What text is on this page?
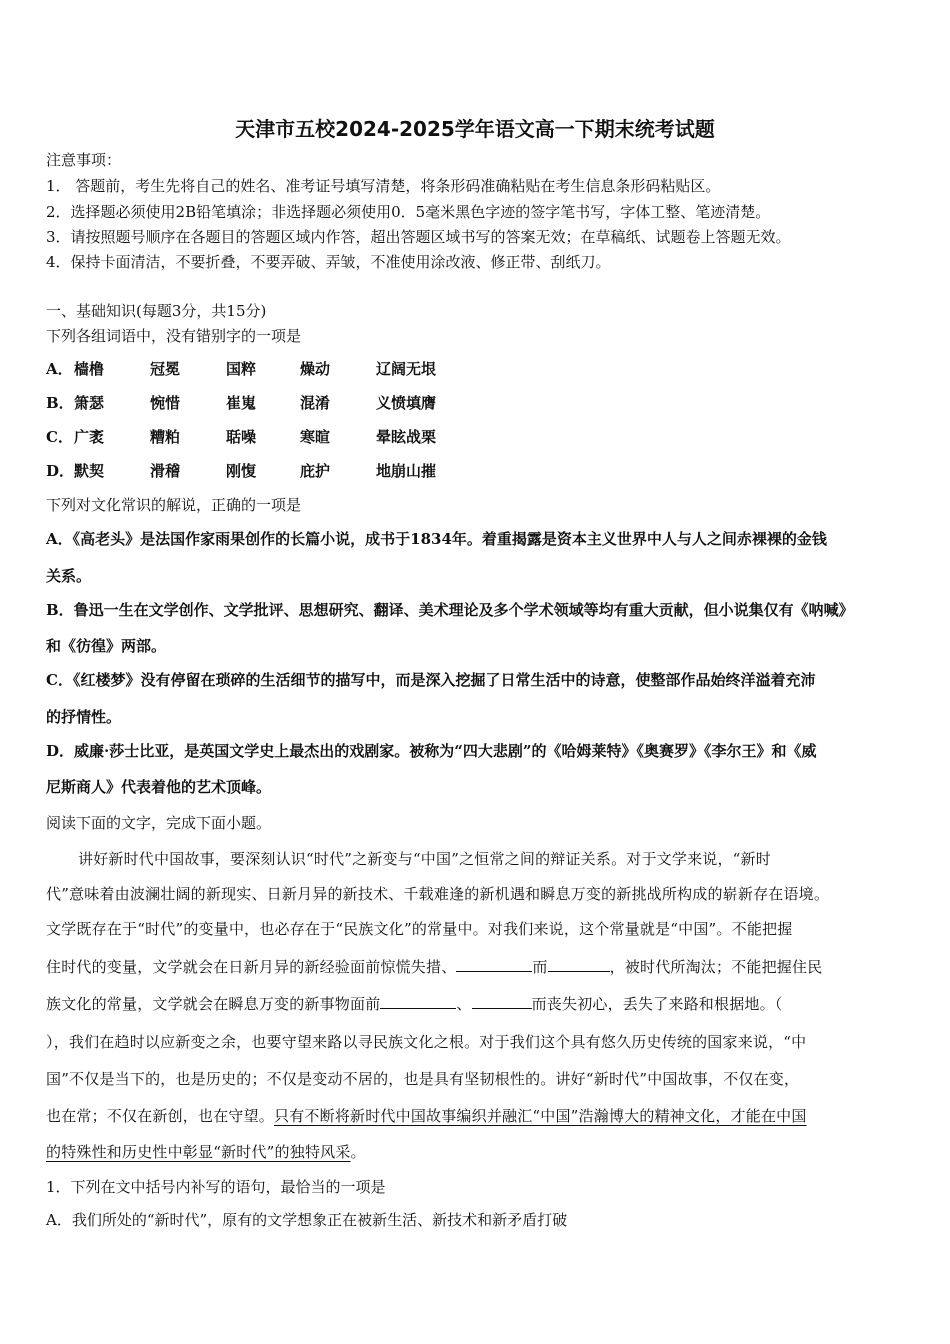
天津市五校2024-2025学年语文高一下期末统考试题
注意事项：
1． 答题前，考生先将自己的姓名、准考证号填写清楚，将条形码准确粘贴在考生信息条形码粘贴区。
2．选择题必须使用2B铅笔填涂；非选择题必须使用0．5毫米黑色字迹的签字笔书写，字体工整、笔迹清楚。
3．请按照题号顺序在各题目的答题区域内作答，超出答题区域书写的答案无效；在草稿纸、试题卷上答题无效。
4．保持卡面清洁，不要折叠，不要弄破、弄皱，不准使用涂改液、修正带、刮纸刀。
一、基础知识(每题3分，共15分)
下列各组词语中，没有错别字的一项是
A． 樯橹	冠冕	国粹	燥动	辽阔无垠
B． 箫瑟	惋惜	崔嵬	混淆	义愤填膺
C． 广袤	糟粕	聒噪	寒暄	晕眩战栗
D． 默契	滑稽	刚愎	庇护	地崩山摧
下列对文化常识的解说，正确的一项是
A．《高老头》是法国作家雨果创作的长篇小说，成书于1834年。着重揭露是资本主义世界中人与人之间赤裸裸的金钱
关系。
B．鲁迅一生在文学创作、文学批评、思想研究、翻译、美术理论及多个学术领域等均有重大贡献，但小说集仅有《呐喊》
和《彷徨》两部。
C．《红楼梦》没有停留在琐碎的生活细节的描写中，而是深入挖掘了日常生活中的诗意，使整部作品始终洋溢着充沛
的抒情性。
D．威廉·莎士比亚，是英国文学史上最杰出的戏剧家。被称为“四大悲剧”的《哈姆莱特》《奥赛罗》《李尔王》和《威
尼斯商人》代表着他的艺术顶峰。
阅读下面的文字，完成下面小题。
讲好新时代中国故事，要深刻认识“时代”之新变与“中国”之恒常之间的辩证关系。对于文学来说，“新时
代”意味着由波澜壮阔的新现实、日新月异的新技术、千载难逢的新机遇和瞬息万变的新挑战所构成的崭新存在语境。
文学既存在于“时代”的变量中，也必存在于“民族文化”的常量中。对我们来说，这个常量就是“中国”。不能把握
住时代的变量，文学就会在日新月异的新经验面前惊慌失措、	而	，被时代所淘汰；不能把握住民
族文化的常量，文学就会在瞬息万变的新事物面前	、	而丧失初心，丢失了来路和根据地。（
），我们在趋时以应新变之余，也要守望来路以寻民族文化之根。对于我们这个具有悠久历史传统的国家来说，“中
国”不仅是当下的，也是历史的；不仅是变动不居的，也是具有坚韧根性的。讲好“新时代”中国故事，不仅在变，
也在常；不仅在新创，也在守望。只有不断将新时代中国故事编织并融汇“中国”浩瀚博大的精神文化，才能在中国
的特殊性和历史性中彰显“新时代”的独特风采。
1．下列在文中括号内补写的语句，最恰当的一项是
A．我们所处的“新时代”，原有的文学想象正在被新生活、新技术和新矛盾打破
